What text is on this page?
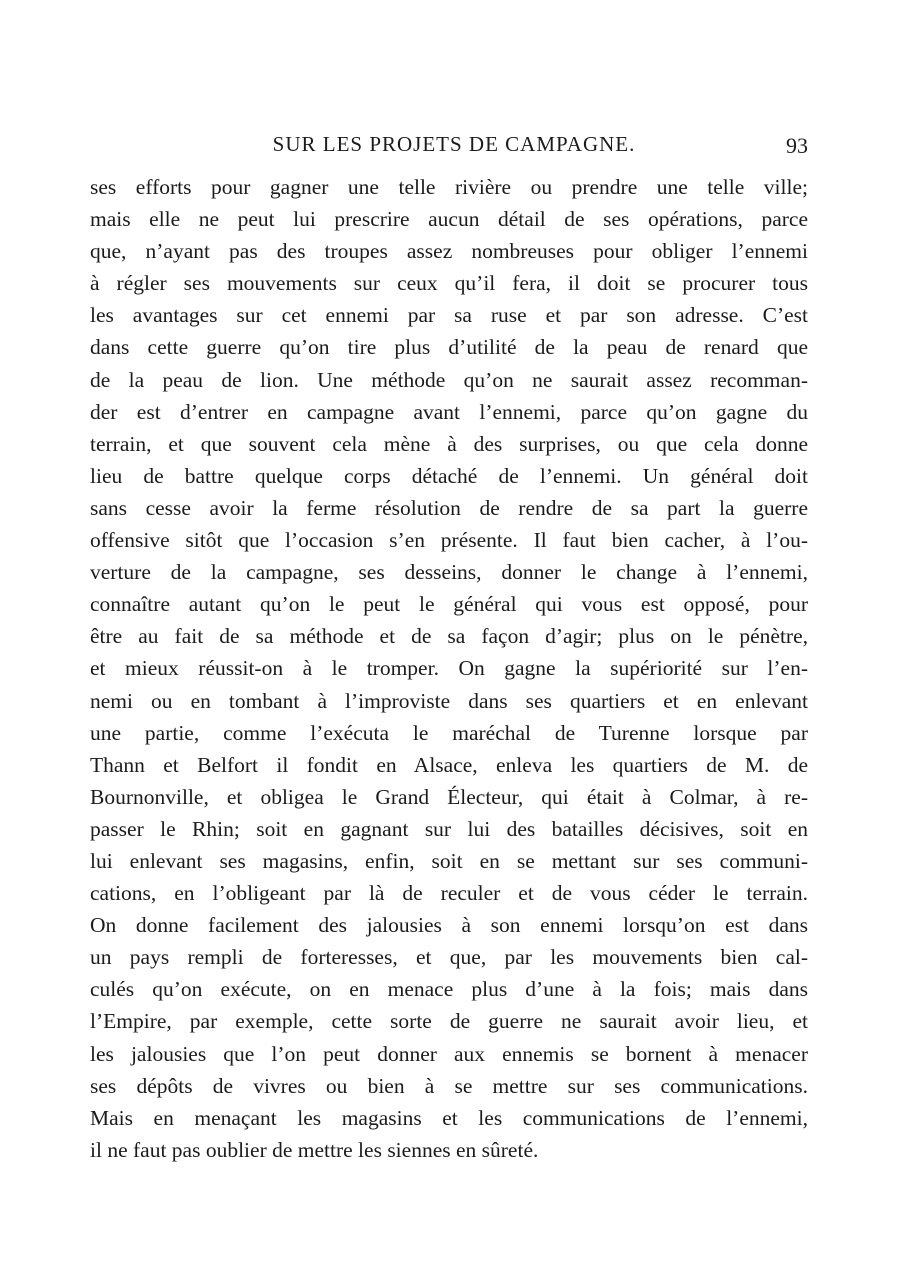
SUR LES PROJETS DE CAMPAGNE.	93
ses efforts pour gagner une telle rivière ou prendre une telle ville;
mais elle ne peut lui prescrire aucun détail de ses opérations, parce
que, n’ayant pas des troupes assez nombreuses pour obliger l’ennemi
à régler ses mouvements sur ceux qu’il fera, il doit se procurer tous
les avantages sur cet ennemi par sa ruse et par son adresse. C’est
dans cette guerre qu’on tire plus d’utilité de la peau de renard que
de la peau de lion. Une méthode qu’on ne saurait assez recomman-
der est d’entrer en campagne avant l’ennemi, parce qu’on gagne du
terrain, et que souvent cela mène à des surprises, ou que cela donne
lieu de battre quelque corps détaché de l’ennemi. Un général doit
sans cesse avoir la ferme résolution de rendre de sa part la guerre
offensive sitôt que l’occasion s’en présente. Il faut bien cacher, à l’ou-
verture de la campagne, ses desseins, donner le change à l’ennemi,
connaître autant qu’on le peut le général qui vous est opposé, pour
être au fait de sa méthode et de sa façon d’agir; plus on le pénètre,
et mieux réussit-on à le tromper. On gagne la supériorité sur l’en-
nemi ou en tombant à l’improviste dans ses quartiers et en enlevant
une partie, comme l’exécuta le maréchal de Turenne lorsque par
Thann et Belfort il fondit en Alsace, enleva les quartiers de M. de
Bournonville, et obligea le Grand Électeur, qui était à Colmar, à re-
passer le Rhin; soit en gagnant sur lui des batailles décisives, soit en
lui enlevant ses magasins, enfin, soit en se mettant sur ses communi-
cations, en l’obligeant par là de reculer et de vous céder le terrain.
On donne facilement des jalousies à son ennemi lorsqu’on est dans
un pays rempli de forteresses, et que, par les mouvements bien cal-
culés qu’on exécute, on en menace plus d’une à la fois; mais dans
l’Empire, par exemple, cette sorte de guerre ne saurait avoir lieu, et
les jalousies que l’on peut donner aux ennemis se bornent à menacer
ses dépôts de vivres ou bien à se mettre sur ses communications.
Mais en menaçant les magasins et les communications de l’ennemi,
il ne faut pas oublier de mettre les siennes en sûreté.
